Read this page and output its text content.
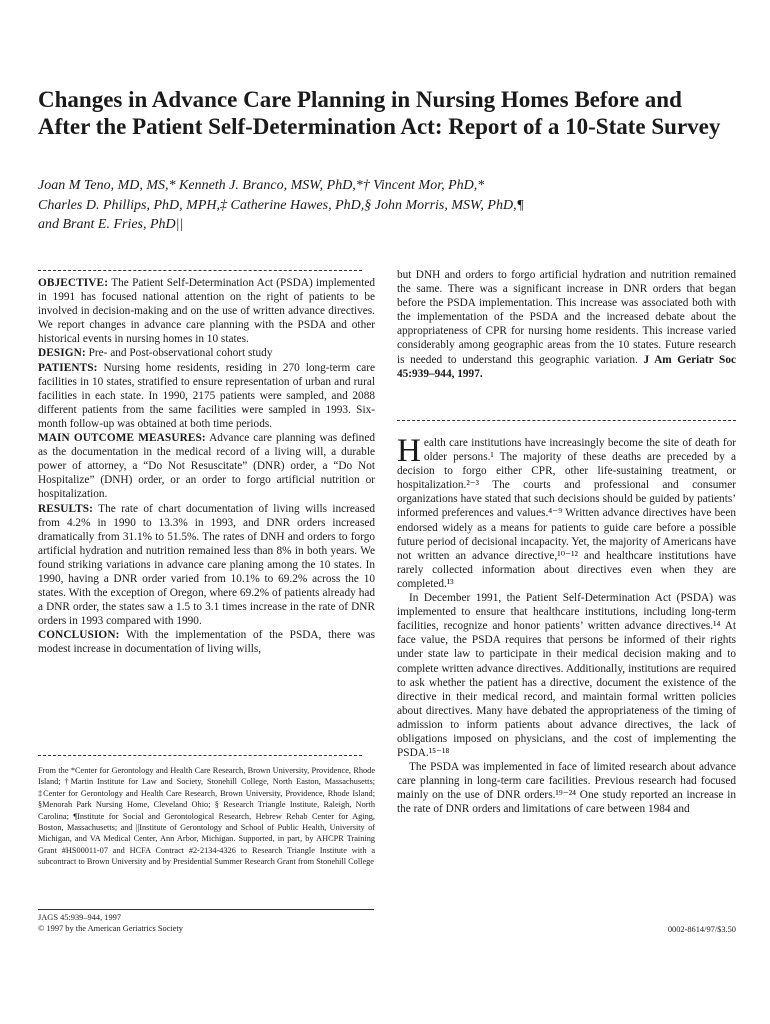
Changes in Advance Care Planning in Nursing Homes Before and After the Patient Self-Determination Act: Report of a 10-State Survey
Joan M Teno, MD, MS,* Kenneth J. Branco, MSW, PhD,*† Vincent Mor, PhD,*
Charles D. Phillips, PhD, MPH,‡ Catherine Hawes, PhD,§ John Morris, MSW, PhD,¶
and Brant E. Fries, PhD||

OBJECTIVE: The Patient Self-Determination Act (PSDA) implemented in 1991 has focused national attention on the right of patients to be involved in decision-making and on the use of written advance directives. We report changes in advance care planning with the PSDA and other historical events in nursing homes in 10 states.

DESIGN: Pre- and Post-observational cohort study

PATIENTS: Nursing home residents, residing in 270 long-term care facilities in 10 states, stratified to ensure representation of urban and rural facilities in each state. In 1990, 2175 patients were sampled, and 2088 different patients from the same facilities were sampled in 1993. Six-month follow-up was obtained at both time periods.

MAIN OUTCOME MEASURES: Advance care planning was defined as the documentation in the medical record of a living will, a durable power of attorney, a “Do Not Resuscitate” (DNR) order, a “Do Not Hospitalize” (DNH) order, or an order to forgo artificial nutrition or hospitalization.

RESULTS: The rate of chart documentation of living wills increased from 4.2% in 1990 to 13.3% in 1993, and DNR orders increased dramatically from 31.1% to 51.5%. The rates of DNH and orders to forgo artificial hydration and nutrition remained less than 8% in both years. We found striking variations in advance care planing among the 10 states. In 1990, having a DNR order varied from 10.1% to 69.2% across the 10 states. With the exception of Oregon, where 69.2% of patients already had a DNR order, the states saw a 1.5 to 3.1 times increase in the rate of DNR orders in 1993 compared with 1990.

CONCLUSION: With the implementation of the PSDA, there was modest increase in documentation of living wills,

From the *Center for Gerontology and Health Care Research, Brown University, Providence, Rhode Island; †Martin Institute for Law and Society, Stonehill College, North Easton, Massachusetts; ‡Center for Gerontology and Health Care Research, Brown University, Providence, Rhode Island; §Menorah Park Nursing Home, Cleveland Ohio; § Research Triangle Institute, Raleigh, North Carolina; ¶Institute for Social and Gerontological Research, Hebrew Rehab Center for Aging, Boston, Massachusetts; and ||Institute of Gerontology and School of Public Health, University of Michigan, and VA Medical Center, Ann Arbor, Michigan. Supported, in part, by AHCPR Training Grant #HS00011-07 and HCFA Contract #2-2134-4326 to Research Triangle Institute with a subcontract to Brown University and by Presidential Summer Research Grant from Stonehill College

but DNH and orders to forgo artificial hydration and nutrition remained the same. There was a significant increase in DNR orders that began before the PSDA implementation. This increase was associated both with the implementation of the PSDA and the increased debate about the appropriateness of CPR for nursing home residents. This increase varied considerably among geographic areas from the 10 states. Future research is needed to understand this geographic variation. J Am Geriatr Soc 45:939–944, 1997.

Health care institutions have increasingly become the site of death for older persons.¹ The majority of these deaths are preceded by a decision to forgo either CPR, other life-sustaining treatment, or hospitalization.²⁻³ The courts and professional and consumer organizations have stated that such decisions should be guided by patients’ informed preferences and values.⁴⁻⁹ Written advance directives have been endorsed widely as a means for patients to guide care before a possible future period of decisional incapacity. Yet, the majority of Americans have not written an advance directive,¹⁰⁻¹² and healthcare institutions have rarely collected information about directives even when they are completed.¹³

In December 1991, the Patient Self-Determination Act (PSDA) was implemented to ensure that healthcare institutions, including long-term facilities, recognize and honor patients’ written advance directives.¹⁴ At face value, the PSDA requires that persons be informed of their rights under state law to participate in their medical decision making and to complete written advance directives. Additionally, institutions are required to ask whether the patient has a directive, document the existence of the directive in their medical record, and maintain formal written policies about directives. Many have debated the appropriateness of the timing of admission to inform patients about advance directives, the lack of obligations imposed on physicians, and the cost of implementing the PSDA.¹⁵⁻¹⁸

The PSDA was implemented in face of limited research about advance care planning in long-term care facilities. Previous research had focused mainly on the use of DNR orders.¹⁹⁻²⁴ One study reported an increase in the rate of DNR orders and limitations of care between 1984 and

JAGS 45:939–944, 1997
© 1997 by the American Geriatrics Society	0002-8614/97/$3.50
